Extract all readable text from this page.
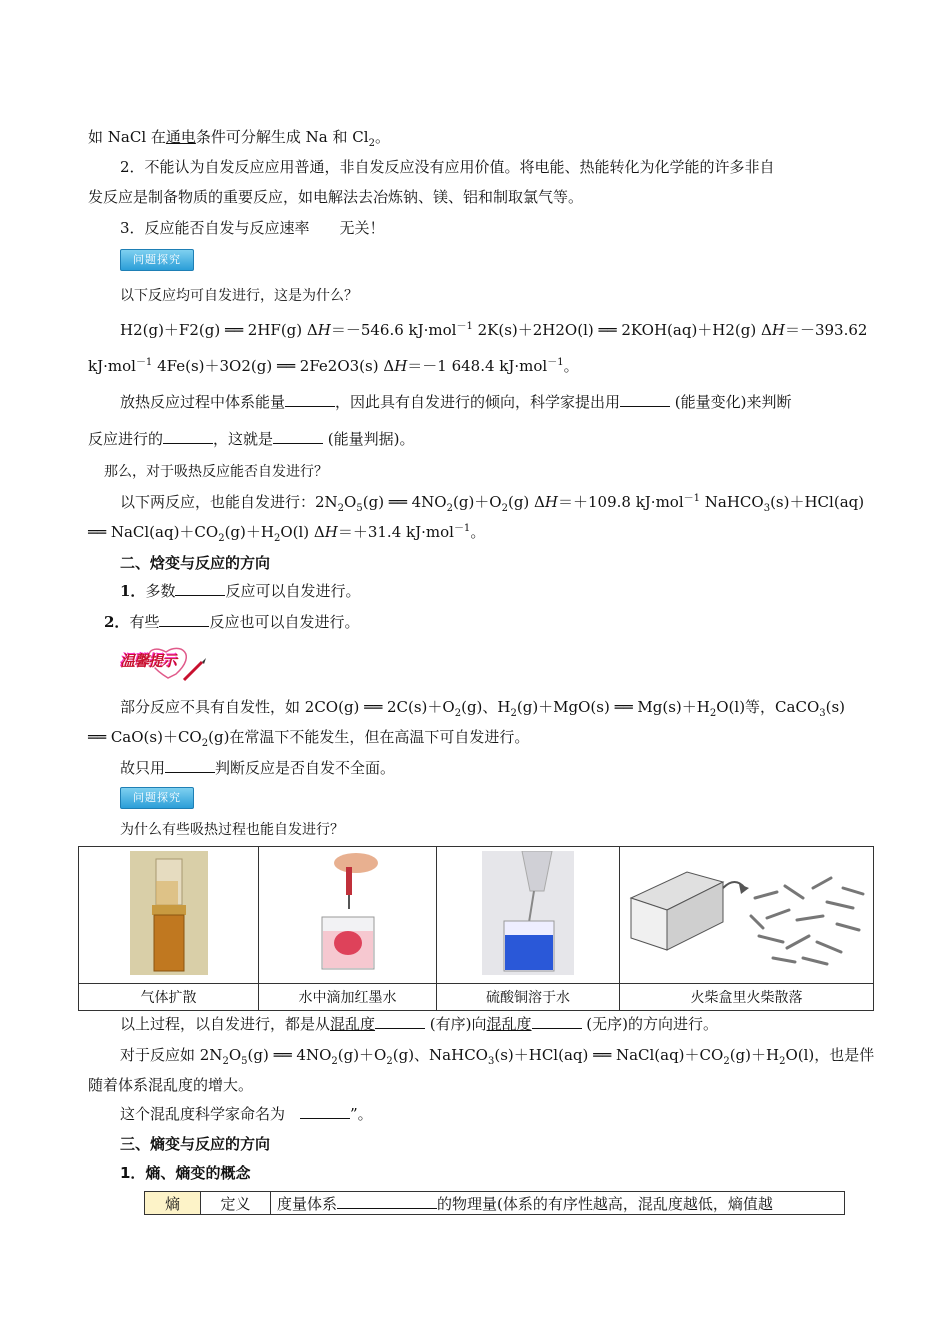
如 NaCl 在通电条件可分解生成 Na 和 $Cl_2$。
2．不能认为自发反应应用普通，非自发反应没有应用价值。将电能、热能转化为化学能的许多非自
发反应是制备物质的重要反应，如电解法去冶炼钠、镁、铝和制取氯气等。
3．反应能否自发与反应速率　　无关！
问题探究
以下反应均可自发进行，这是为什么？
H2(g)＋F2(g) ══ 2HF(g) ΔH＝－546.6 kJ·mol$^{-1}$ 2K(s)＋2H2O(l) ══ 2KOH(aq)＋H2(g) ΔH＝－393.62
kJ·mol$^{-1}$ 4Fe(s)＋3O2(g) ══ 2Fe2O3(s) ΔH＝－1 648.4 kJ·mol$^{-1}$。
放热反应过程中体系能量	，因此具有自发进行的倾向，科学家提出用	(能量变化)来判断
反应进行的	，这就是	(能量判据)。
那么，对于吸热反应能否自发进行？
以下两反应，也能自发进行：$2N_2O_5(g)$ ══ $4NO_2(g)+O_2(g)$ ΔH＝＋109.8 kJ·mol$^{-1}$ NaHCO$_3$(s)＋HCl(aq)
══ $NaCl(aq)+CO_2(g)+H_2O(l)$ ΔH＝＋31.4 kJ·mol$^{-1}$。
二、焓变与反应的方向
1．多数	反应可以自发进行。
2．有些	反应也可以自发进行。
温馨提示
部分反应不具有自发性，如 2CO(g) ══ $2C(s)+O_2(g)$、$H_2(g)+MgO(s)$ ══ $Mg(s)+H_2O(l)$等，CaCO$_3$(s)
══ $CaO(s)+CO_2(g)$在常温下不能发生，但在高温下可自发进行。
故只用	判断反应是否自发不全面。
问题探究
为什么有些吸热过程也能自发进行？

气体扩散	水中滴加红墨水	硫酸铜溶于水	火柴盒里火柴散落
以上过程，以自发进行，都是从混乱度	(有序)向混乱度	(无序)的方向进行。
对于反应如 $2N_2O_5(g)$ ══ $4NO_2(g)+O_2(g)$、NaHCO$_3$(s)＋HCl(aq) ══ $NaCl(aq)+CO_2(g)+H_2O(l)$，也是伴
随着体系混乱度的增大。
这个混乱度科学家命名为　	”。
三、熵变与反应的方向
1．熵、熵变的概念
熵	定义	度量体系	的物理量(体系的有序性越高，混乱度越低，熵值越
